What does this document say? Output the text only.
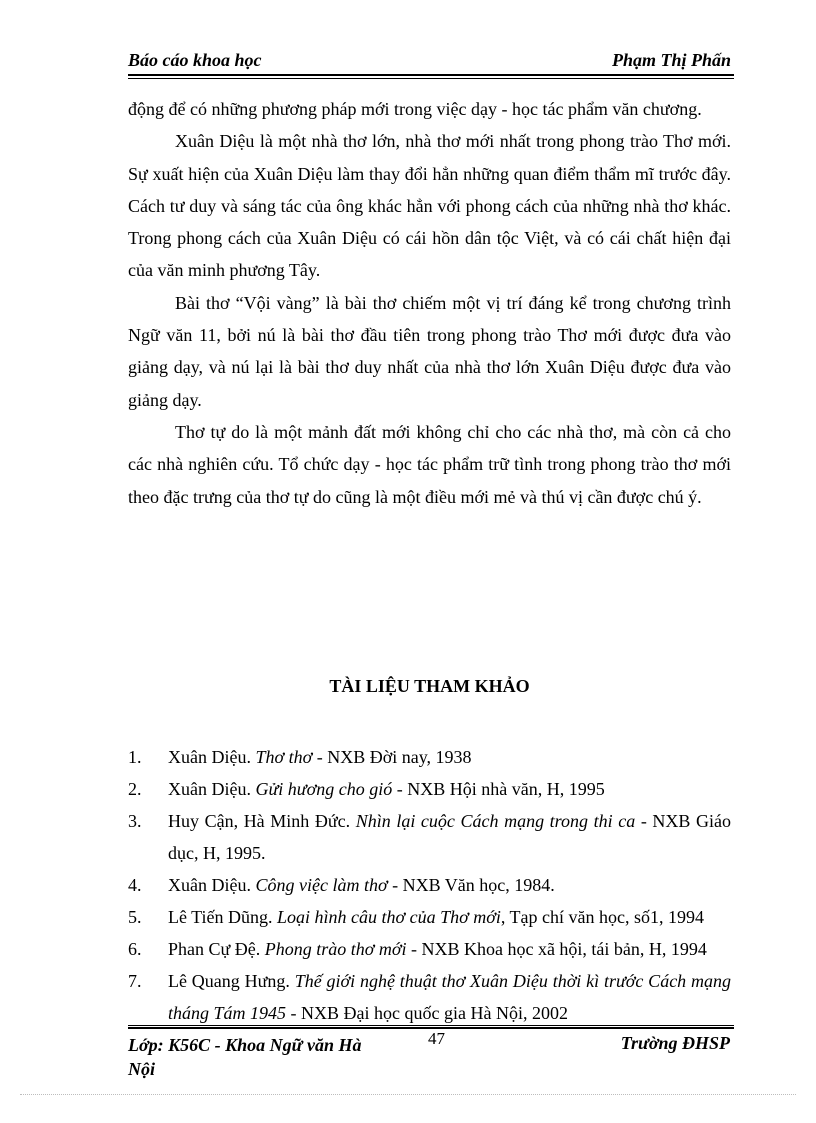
Báo cáo khoa học	Phạm Thị Phấn

động để có những phương pháp mới trong việc dạy - học tác phẩm văn chương.

Xuân Diệu là một nhà thơ lớn, nhà thơ mới nhất trong phong trào Thơ mới. Sự xuất hiện của Xuân Diệu làm thay đổi hẳn những quan điểm thẩm mĩ trước đây. Cách tư duy và sáng tác của ông khác hẳn với phong cách của những nhà thơ khác. Trong phong cách của Xuân Diệu có cái hồn dân tộc Việt, và có cái chất hiện đại của văn minh phương Tây.

Bài thơ “Vội vàng” là bài thơ chiếm một vị trí đáng kể trong chương trình Ngữ văn 11, bởi nú là bài thơ đầu tiên trong phong trào Thơ mới được đưa vào giảng dạy, và nú lại là bài thơ duy nhất của nhà thơ lớn Xuân Diệu được đưa vào giảng dạy.

Thơ tự do là một mảnh đất mới không chỉ cho các nhà thơ, mà còn cả cho các nhà nghiên cứu. Tổ chức dạy - học tác phẩm trữ tình trong phong trào thơ mới theo đặc trưng của thơ tự do cũng là một điều mới mẻ và thú vị cần được chú ý.

TÀI LIỆU THAM KHẢO
1.	Xuân Diệu. Thơ thơ - NXB Đời nay, 1938
2.	Xuân Diệu. Gửi hương cho gió - NXB Hội nhà văn, H, 1995
3.	Huy Cận, Hà Minh Đức. Nhìn lại cuộc Cách mạng trong thi ca - NXB Giáo dục, H, 1995.
4.	Xuân Diệu. Công việc làm thơ - NXB Văn học, 1984.
5.	Lê Tiến Dũng. Loại hình câu thơ của Thơ mới, Tạp chí văn học, số1, 1994
6.	Phan Cự Đệ. Phong trào thơ mới - NXB Khoa học xã hội, tái bản, H, 1994
7.	Lê Quang Hưng. Thế giới nghệ thuật thơ Xuân Diệu thời kì trước Cách mạng tháng Tám 1945 - NXB Đại học quốc gia Hà Nội, 2002
Lớp: K56C - Khoa Ngữ văn Hà Nội
47	Trường ĐHSP
